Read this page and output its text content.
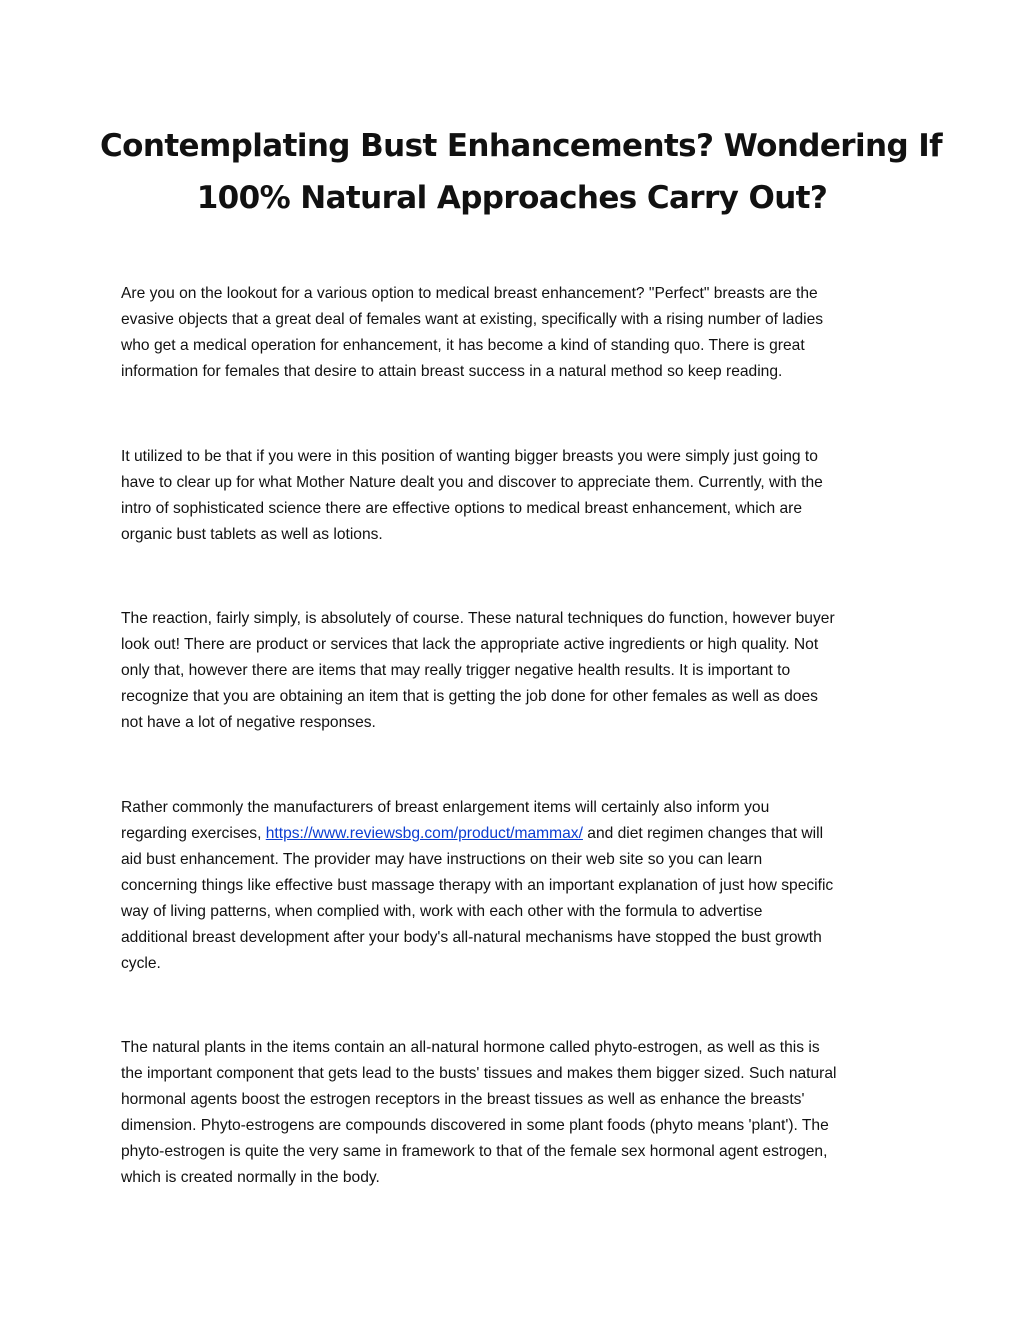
Contemplating Bust Enhancements? Wondering If
100% Natural Approaches Carry Out?

Are you on the lookout for a various option to medical breast enhancement? "Perfect" breasts are the
evasive objects that a great deal of females want at existing, specifically with a rising number of ladies
who get a medical operation for enhancement, it has become a kind of standing quo. There is great
information for females that desire to attain breast success in a natural method so keep reading.

It utilized to be that if you were in this position of wanting bigger breasts you were simply just going to
have to clear up for what Mother Nature dealt you and discover to appreciate them. Currently, with the
intro of sophisticated science there are effective options to medical breast enhancement, which are
organic bust tablets as well as lotions.

The reaction, fairly simply, is absolutely of course. These natural techniques do function, however buyer
look out! There are product or services that lack the appropriate active ingredients or high quality. Not
only that, however there are items that may really trigger negative health results. It is important to
recognize that you are obtaining an item that is getting the job done for other females as well as does
not have a lot of negative responses.

Rather commonly the manufacturers of breast enlargement items will certainly also inform you
regarding exercises, https://www.reviewsbg.com/product/mammax/ and diet regimen changes that will
aid bust enhancement. The provider may have instructions on their web site so you can learn
concerning things like effective bust massage therapy with an important explanation of just how specific
way of living patterns, when complied with, work with each other with the formula to advertise
additional breast development after your body's all-natural mechanisms have stopped the bust growth
cycle.

The natural plants in the items contain an all-natural hormone called phyto-estrogen, as well as this is
the important component that gets lead to the busts' tissues and makes them bigger sized. Such natural
hormonal agents boost the estrogen receptors in the breast tissues as well as enhance the breasts'
dimension. Phyto-estrogens are compounds discovered in some plant foods (phyto means 'plant'). The
phyto-estrogen is quite the very same in framework to that of the female sex hormonal agent estrogen,
which is created normally in the body.
